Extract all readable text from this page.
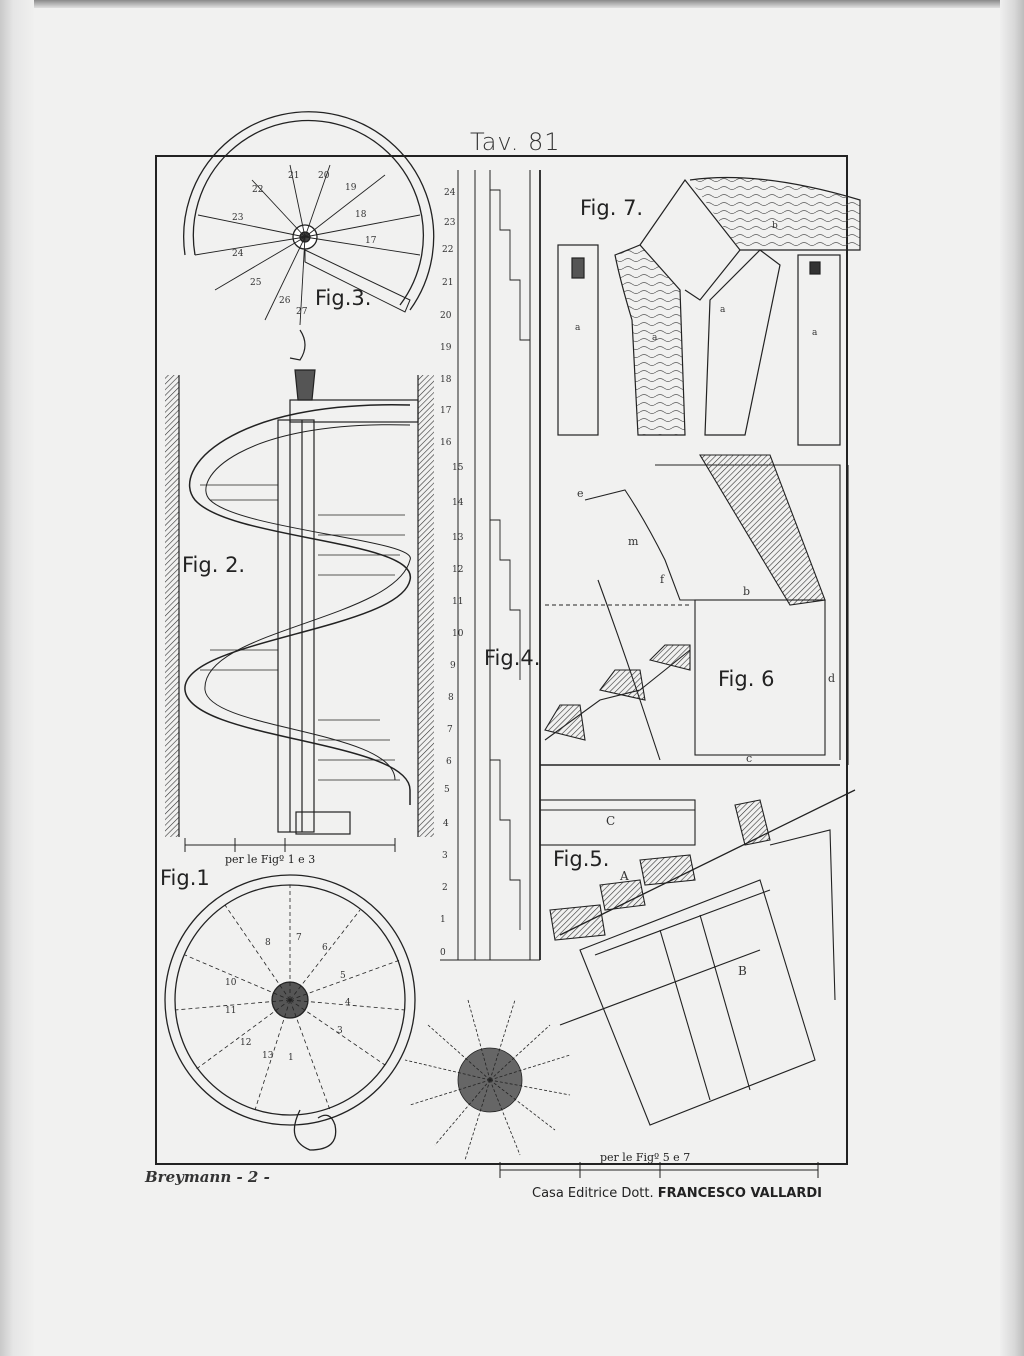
Tav. 81
22
21 20
19
18
17
23
24
25
26
27
Fig.3.
Fig. 2.
per le Figº 1 e 3
Fig.1
8	7
6
5
4
3
10
11
12
13 1
24
23
22
21
20
19
18
17
16
15
14
13
12
11
10
9
8
7
6
5
4
3
2
1
0
Fig.4.
Fig. 7.
a
a
a
a
b
Fig. 6
e
b
f
d
c
m
Fig.5.
C
A
B
per le Figº 5 e 7
Breymann - 2 -
Casa Editrice Dott. FRANCESCO VALLARDI
